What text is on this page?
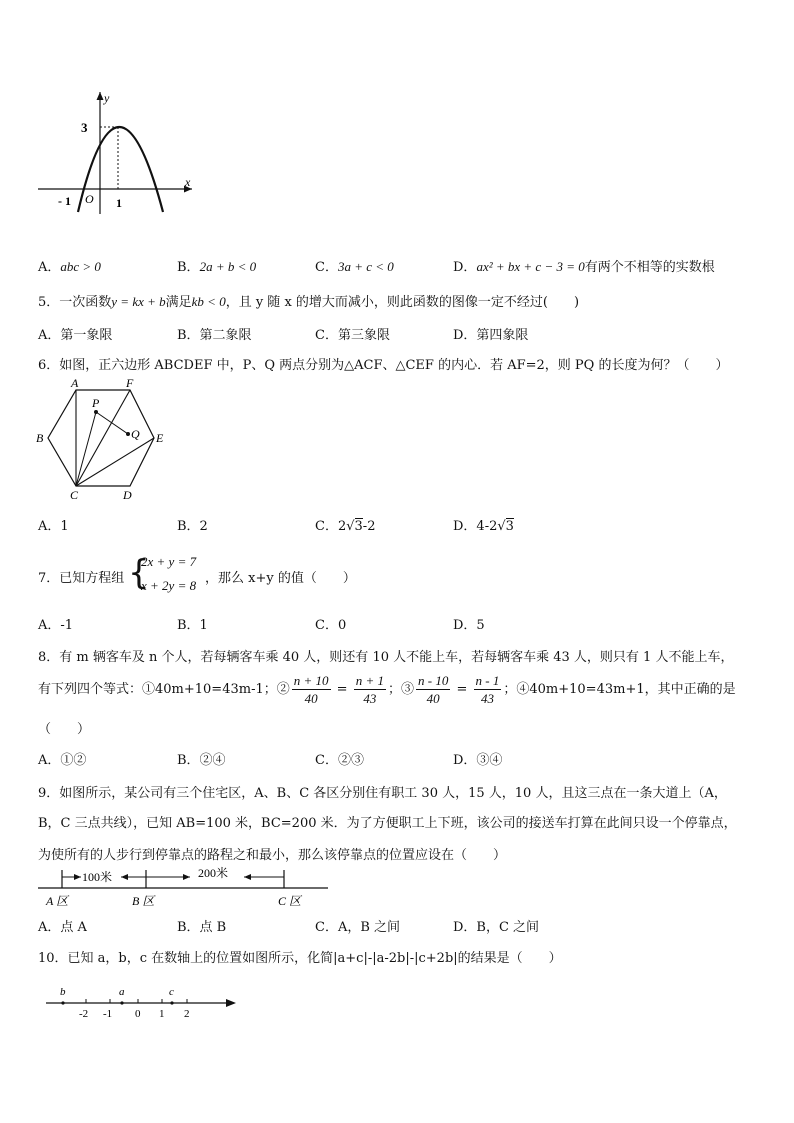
y
x
3
- 1 O 1
A．abc > 0	B．2a + b < 0	C．3a + c < 0	D．ax² + bx + c − 3 = 0有两个不相等的实数根
5．一次函数y = kx + b满足kb < 0，且 y 随 x 的增大而减小，则此函数的图像一定不经过(　　)
A．第一象限	B．第二象限	C．第三象限	D．第四象限
6．如图，正六边形 ABCDEF 中，P、Q 两点分别为△ACF、△CEF 的内心．若 AF=2，则 PQ 的长度为何？（　　）
A	F
B	E
C	D
P
Q
A．1	B．2	C．2√3-2	D．4-2√3
7．已知方程组 {
2x + y = 7
x + 2y = 8 ，那么 x+y 的值（　　）
A．-1	B．1	C．0	D．5
8．有 m 辆客车及 n 个人，若每辆客车乘 40 人，则还有 10 人不能上车，若每辆客车乘 43 人，则只有 1 人不能上车，
有下列四个等式：①40m+10=43m-1；② $\frac{n + 10}{40} = \frac{n + 1}{43}$ ；③ $\frac{n - 10}{40} = \frac{n - 1}{43}$ ；④40m+10=43m+1，其中正确的是
（　　）
A．①②	B．②④	C．②③	D．③④
9．如图所示，某公司有三个住宅区，A、B、C 各区分别住有职工 30 人，15 人，10 人，且这三点在一条大道上（A，
B，C 三点共线），已知 AB=100 米，BC=200 米．为了方便职工上下班，该公司的接送车打算在此间只设一个停靠点，
为使所有的人步行到停靠点的路程之和最小，那么该停靠点的位置应设在（　　）
100米	200米
A 区	B 区	C 区
A．点 A	B．点 B	C．A，B 之间	D．B，C 之间
10．已知 a，b，c 在数轴上的位置如图所示，化简|a+c|-|a-2b|-|c+2b|的结果是（　　）
b	a	c
-2 -1 0 1 2
